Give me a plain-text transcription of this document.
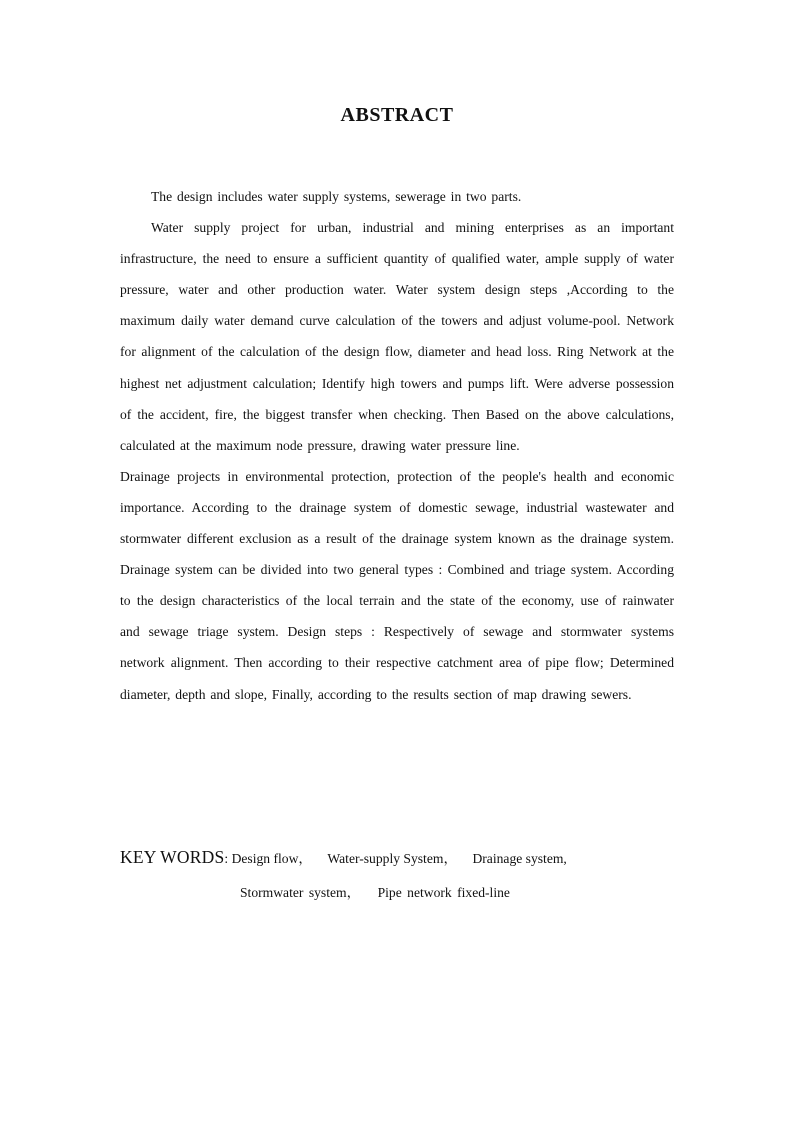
ABSTRACT

The design includes water supply systems, sewerage in two parts.

Water supply project for urban, industrial and mining enterprises as an important infrastructure, the need to ensure a sufficient quantity of qualified water, ample supply of water pressure, water and other production water. Water system design steps ,According to the maximum daily water demand curve calculation of the towers and adjust volume-pool. Network for alignment of the calculation of the design flow, diameter and head loss. Ring Network at the highest net adjustment calculation; Identify high towers and pumps lift. Were adverse possession of the accident, fire, the biggest transfer when checking. Then Based on the above calculations, calculated at the maximum node pressure, drawing water pressure line.

Drainage projects in environmental protection, protection of the people's health and economic importance. According to the drainage system of domestic sewage, industrial wastewater and stormwater different exclusion as a result of the drainage system known as the drainage system. Drainage system can be divided into two general types : Combined and triage system. According to the design characteristics of the local terrain and the state of the economy, use of rainwater and sewage triage system. Design steps : Respectively of sewage and stormwater systems network alignment. Then according to their respective catchment area of pipe flow; Determined diameter, depth and slope, Finally, according to the results section of map drawing sewers.

KEY WORDS: Design flow， Water-supply System， Drainage system,
Stormwater system， Pipe network fixed-line
